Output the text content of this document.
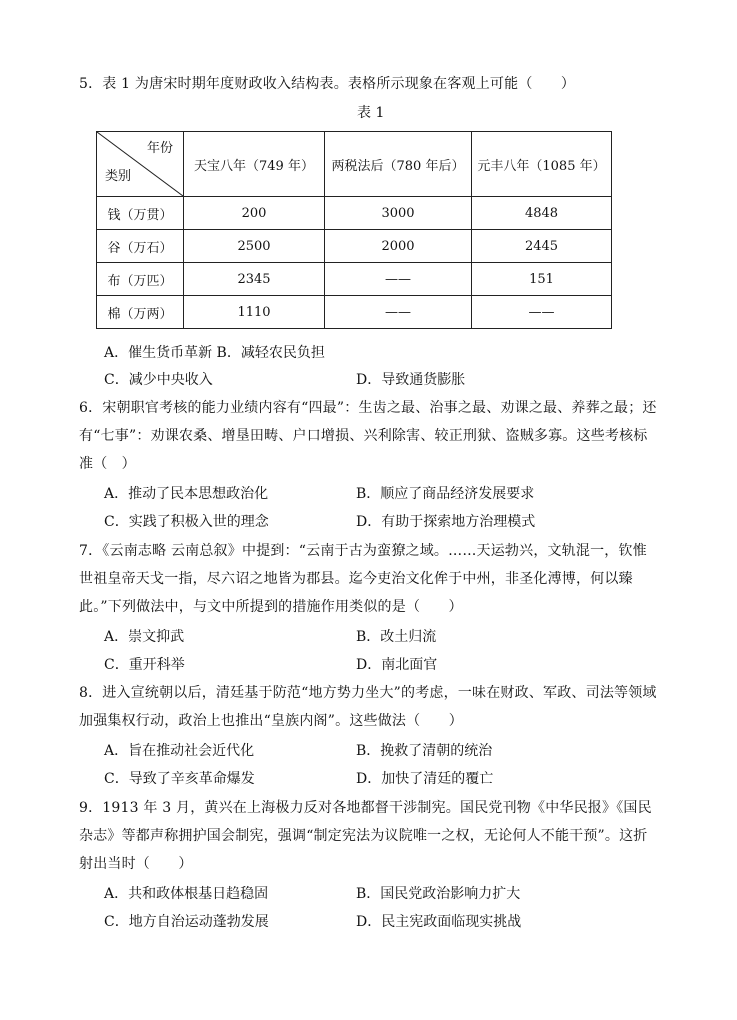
5．表 1 为唐宋时期年度财政收入结构表。表格所示现象在客观上可能（　　）
表 1
年份
类别	天宝八年（749 年）	两税法后（780 年后）	元丰八年（1085 年）
钱（万贯）	200	3000	4848
谷（万石）	2500	2000	2445
布（万匹）	2345	——	151
棉（万两）	1110	——	——
A．催生货币革新 B．减轻农民负担
C．减少中央收入	D．导致通货膨胀
6．宋朝职官考核的能力业绩内容有“四最”：生齿之最、治事之最、劝课之最、养葬之最；还
有“七事”：劝课农桑、增垦田畴、户口增损、兴利除害、较正刑狱、盗贼多寡。这些考核标
准（　）
A．推动了民本思想政治化	B．顺应了商品经济发展要求
C．实践了积极入世的理念	D．有助于探索地方治理模式
7．《云南志略 云南总叙》中提到：“云南于古为蛮獠之域。……天运勃兴，文轨混一，钦惟
世祖皇帝天戈一指，尽六诏之地皆为郡县。迄今吏治文化侔于中州，非圣化溥博，何以臻
此。”下列做法中，与文中所提到的措施作用类似的是（　　）
A．崇文抑武	B．改土归流
C．重开科举	D．南北面官
8．进入宣统朝以后，清廷基于防范“地方势力坐大”的考虑，一味在财政、军政、司法等领域
加强集权行动，政治上也推出“皇族内阁”。这些做法（　　）
A．旨在推动社会近代化	B．挽救了清朝的统治
C．导致了辛亥革命爆发	D．加快了清廷的覆亡
9．1913 年 3 月，黄兴在上海极力反对各地都督干涉制宪。国民党刊物《中华民报》《国民
杂志》等都声称拥护国会制宪，强调“制定宪法为议院唯一之权，无论何人不能干预”。这折
射出当时（　　）
A．共和政体根基日趋稳固	B．国民党政治影响力扩大
C．地方自治运动蓬勃发展	D．民主宪政面临现实挑战
